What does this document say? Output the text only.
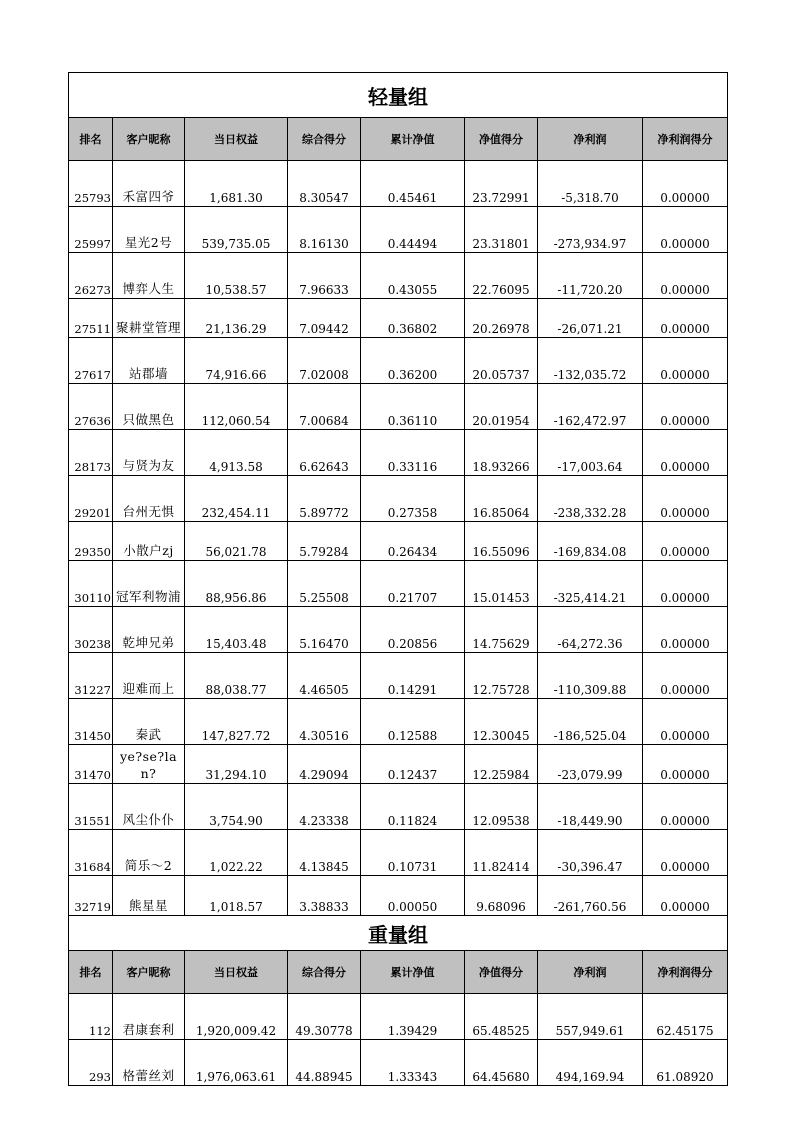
轻量组							
排名	客户昵称	当日权益	综合得分	累计净值	净值得分	净利润	净利润得分
25793	禾富四爷	1,681.30	8.30547	0.45461	23.72991	-5,318.70	0.00000
25997	星光2号	539,735.05	8.16130	0.44494	23.31801	-273,934.97	0.00000
26273	博弈人生	10,538.57	7.96633	0.43055	22.76095	-11,720.20	0.00000
27511	聚耕堂管理	21,136.29	7.09442	0.36802	20.26978	-26,071.21	0.00000
27617	站郡墙	74,916.66	7.02008	0.36200	20.05737	-132,035.72	0.00000
27636	只做黑色	112,060.54	7.00684	0.36110	20.01954	-162,472.97	0.00000
28173	与贤为友	4,913.58	6.62643	0.33116	18.93266	-17,003.64	0.00000
29201	台州无惧	232,454.11	5.89772	0.27358	16.85064	-238,332.28	0.00000
29350	小散户zj	56,021.78	5.79284	0.26434	16.55096	-169,834.08	0.00000
30110	冠军利物浦	88,956.86	5.25508	0.21707	15.01453	-325,414.21	0.00000
30238	乾坤兄弟	15,403.48	5.16470	0.20856	14.75629	-64,272.36	0.00000
31227	迎难而上	88,038.77	4.46505	0.14291	12.75728	-110,309.88	0.00000
31450	秦武	147,827.72	4.30516	0.12588	12.30045	-186,525.04	0.00000
31470	ye?se?lan?	31,294.10	4.29094	0.12437	12.25984	-23,079.99	0.00000
31551	风尘仆仆	3,754.90	4.23338	0.11824	12.09538	-18,449.90	0.00000
31684	简乐～2	1,022.22	4.13845	0.10731	11.82414	-30,396.47	0.00000
32719	熊星星	1,018.57	3.38833	0.00050	9.68096	-261,760.56	0.00000
重量组							
排名	客户昵称	当日权益	综合得分	累计净值	净值得分	净利润	净利润得分
112	君康套利	1,920,009.42	49.30778	1.39429	65.48525	557,949.61	62.45175
293	格蕾丝刘	1,976,063.61	44.88945	1.33343	64.45680	494,169.94	61.08920
